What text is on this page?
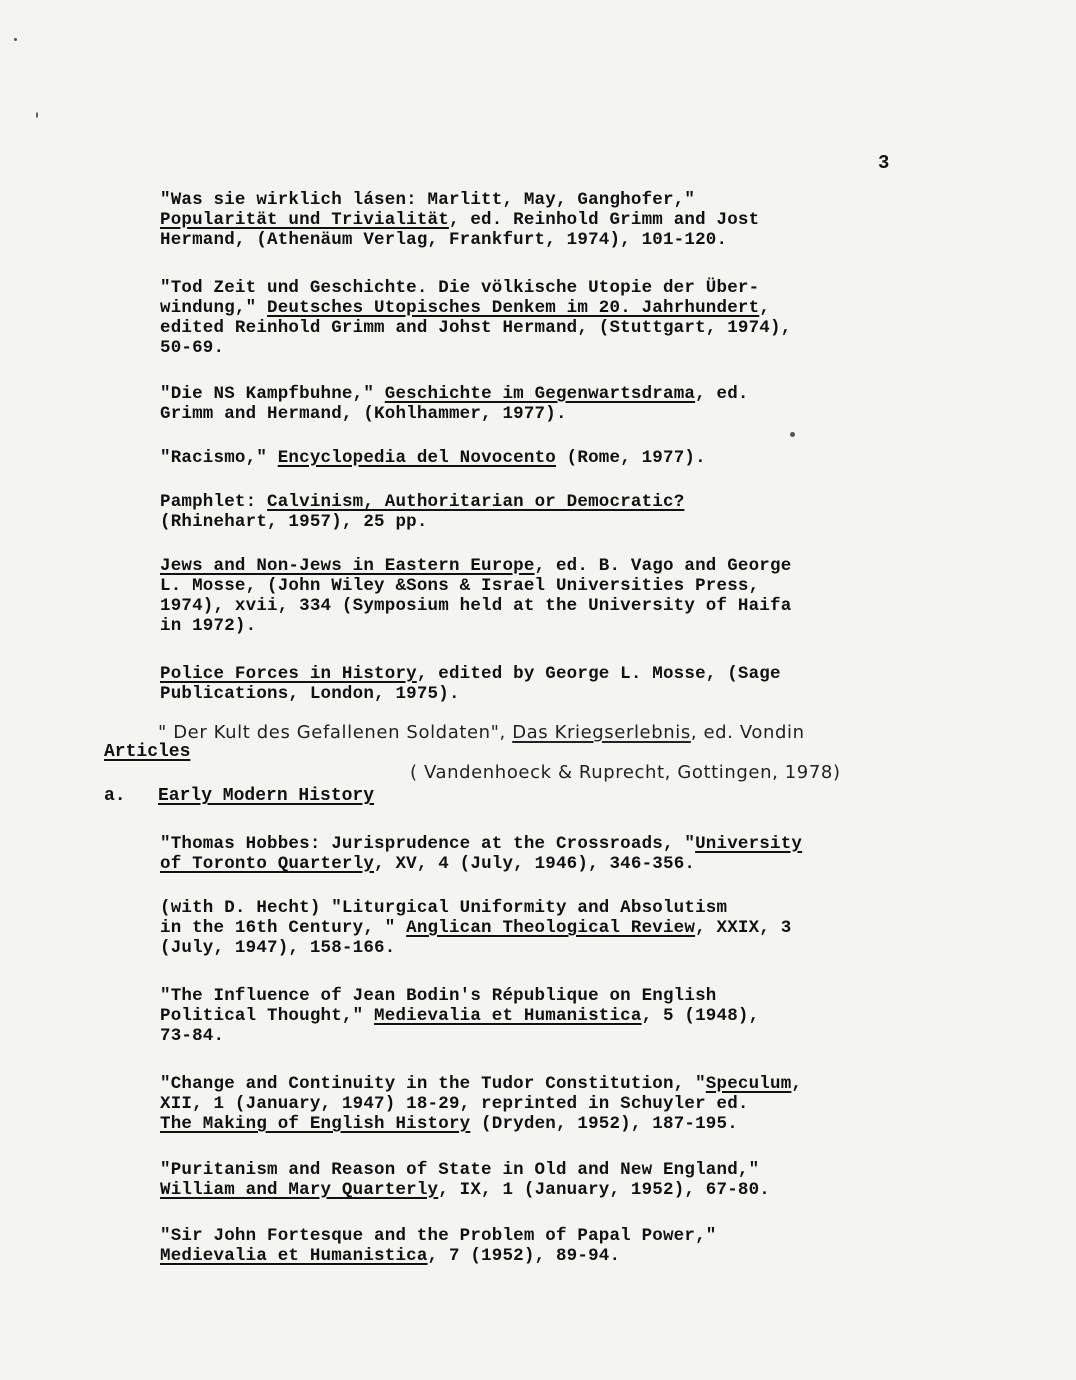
3
"Was sie wirklich lásen: Marlitt, May, Ganghofer,"
Popularität und Trivialität, ed. Reinhold Grimm and Jost
Hermand, (Athenäum Verlag, Frankfurt, 1974), 101-120.
"Tod Zeit und Geschichte. Die völkische Utopie der Über-
windung," Deutsches Utopisches Denkem im 20. Jahrhundert,
edited Reinhold Grimm and Johst Hermand, (Stuttgart, 1974),
50-69.
"Die NS Kampfbuhne," Geschichte im Gegenwartsdrama, ed.
Grimm and Hermand, (Kohlhammer, 1977).
"Racismo," Encyclopedia del Novocento (Rome, 1977).
Pamphlet: Calvinism, Authoritarian or Democratic?
(Rhinehart, 1957), 25 pp.
Jews and Non-Jews in Eastern Europe, ed. B. Vago and George
L. Mosse, (John Wiley &Sons & Israel Universities Press,
1974), xvii, 334 (Symposium held at the University of Haifa
in 1972).
Police Forces in History, edited by George L. Mosse, (Sage
Publications, London, 1975).
" Der Kult des Gefallenen Soldaten", Das Kriegserlebnis, ed. Vondin
( Vandenhoeck & Ruprecht, Gottingen, 1978)
Articles
a. Early Modern History
"Thomas Hobbes: Jurisprudence at the Crossroads, "University
of Toronto Quarterly, XV, 4 (July, 1946), 346-356.
(with D. Hecht) "Liturgical Uniformity and Absolutism
in the 16th Century, " Anglican Theological Review, XXIX, 3
(July, 1947), 158-166.
"The Influence of Jean Bodin's République on English
Political Thought," Medievalia et Humanistica, 5 (1948),
73-84.
"Change and Continuity in the Tudor Constitution, "Speculum,
XII, 1 (January, 1947) 18-29, reprinted in Schuyler ed.
The Making of English History (Dryden, 1952), 187-195.
"Puritanism and Reason of State in Old and New England,"
William and Mary Quarterly, IX, 1 (January, 1952), 67-80.
"Sir John Fortesque and the Problem of Papal Power,"
Medievalia et Humanistica, 7 (1952), 89-94.
